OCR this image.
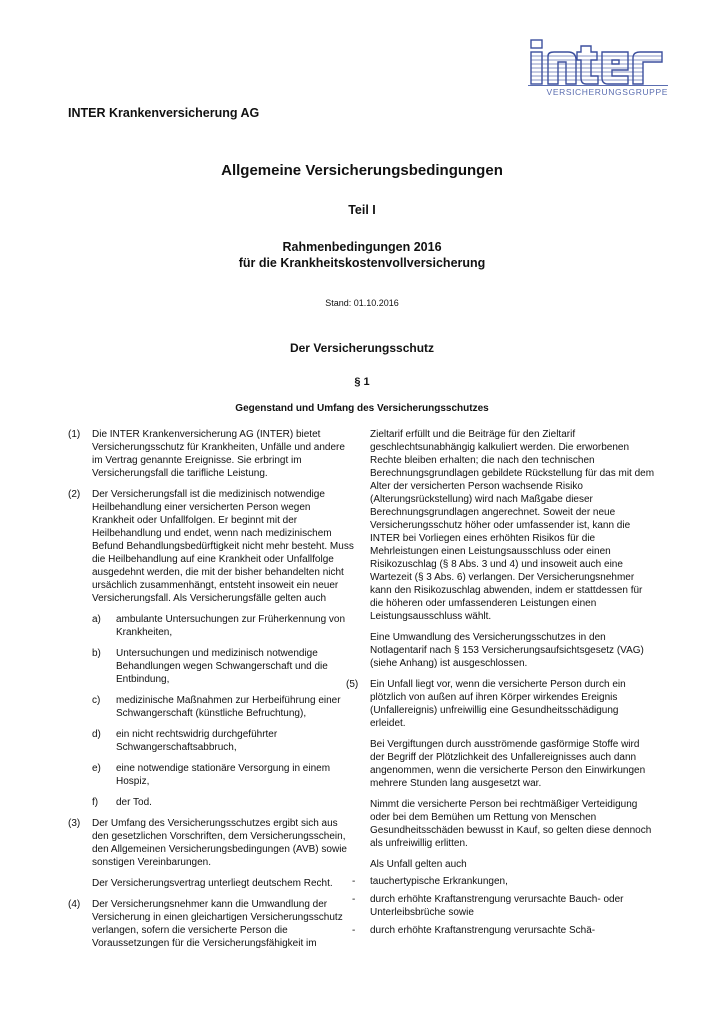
VERSICHERUNGSGRUPPE
INTER Krankenversicherung AG
Allgemeine Versicherungsbedingungen
Teil I
Rahmenbedingungen 2016
für die Krankheitskostenvollversicherung
Stand: 01.10.2016
Der Versicherungsschutz
§ 1
Gegenstand und Umfang des Versicherungsschutzes
(1) Die INTER Krankenversicherung AG (INTER) bietet Versicherungsschutz für Krankheiten, Unfälle und andere im Vertrag genannte Ereignisse. Sie erbringt im Versicherungsfall die tarifliche Leistung.
(2) Der Versicherungsfall ist die medizinisch notwendige Heilbehandlung einer versicherten Person wegen Krankheit oder Unfallfolgen. Er beginnt mit der Heilbehandlung und endet, wenn nach medizinischem Befund Behandlungsbedürftigkeit nicht mehr besteht. Muss die Heilbehandlung auf eine Krankheit oder Unfallfolge ausgedehnt werden, die mit der bisher behandelten nicht ursächlich zusammenhängt, entsteht insoweit ein neuer Versicherungsfall. Als Versicherungsfälle gelten auch
a) ambulante Untersuchungen zur Früherkennung von Krankheiten,
b) Untersuchungen und medizinisch notwendige Behandlungen wegen Schwangerschaft und die Entbindung,
c) medizinische Maßnahmen zur Herbeiführung einer Schwangerschaft (künstliche Befruchtung),
d) ein nicht rechtswidrig durchgeführter Schwangerschaftsabbruch,
e) eine notwendige stationäre Versorgung in einem Hospiz,
f) der Tod.
(3) Der Umfang des Versicherungsschutzes ergibt sich aus den gesetzlichen Vorschriften, dem Versicherungsschein, den Allgemeinen Versicherungsbedingungen (AVB) sowie sonstigen Vereinbarungen.
Der Versicherungsvertrag unterliegt deutschem Recht.
(4) Der Versicherungsnehmer kann die Umwandlung der Versicherung in einen gleichartigen Versicherungsschutz verlangen, sofern die versicherte Person die Voraussetzungen für die Versicherungsfähigkeit im
Zieltarif erfüllt und die Beiträge für den Zieltarif geschlechtsunabhängig kalkuliert werden. Die erworbenen Rechte bleiben erhalten; die nach den technischen Berechnungsgrundlagen gebildete Rückstellung für das mit dem Alter der versicherten Person wachsende Risiko (Alterungsrückstellung) wird nach Maßgabe dieser Berechnungsgrundlagen angerechnet. Soweit der neue Versicherungsschutz höher oder umfassender ist, kann die INTER bei Vorliegen eines erhöhten Risikos für die Mehrleistungen einen Leistungsausschluss oder einen Risikozuschlag (§ 8 Abs. 3 und 4) und insoweit auch eine Wartezeit (§ 3 Abs. 6) verlangen. Der Versicherungsnehmer kann den Risikozuschlag abwenden, indem er stattdessen für die höheren oder umfassenderen Leistungen einen Leistungsausschluss wählt.
Eine Umwandlung des Versicherungsschutzes in den Notlagentarif nach § 153 Versicherungsaufsichtsgesetz (VAG) (siehe Anhang) ist ausgeschlossen.
(5) Ein Unfall liegt vor, wenn die versicherte Person durch ein plötzlich von außen auf ihren Körper wirkendes Ereignis (Unfallereignis) unfreiwillig eine Gesundheitsschädigung erleidet.
Bei Vergiftungen durch ausströmende gasförmige Stoffe wird der Begriff der Plötzlichkeit des Unfallereignisses auch dann angenommen, wenn die versicherte Person den Einwirkungen mehrere Stunden lang ausgesetzt war.
Nimmt die versicherte Person bei rechtmäßiger Verteidigung oder bei dem Bemühen um Rettung von Menschen Gesundheitsschäden bewusst in Kauf, so gelten diese dennoch als unfreiwillig erlitten.
Als Unfall gelten auch
- tauchertypische Erkrankungen,
- durch erhöhte Kraftanstrengung verursachte Bauch- oder Unterleibsbrüche sowie
- durch erhöhte Kraftanstrengung verursachte Schä-
